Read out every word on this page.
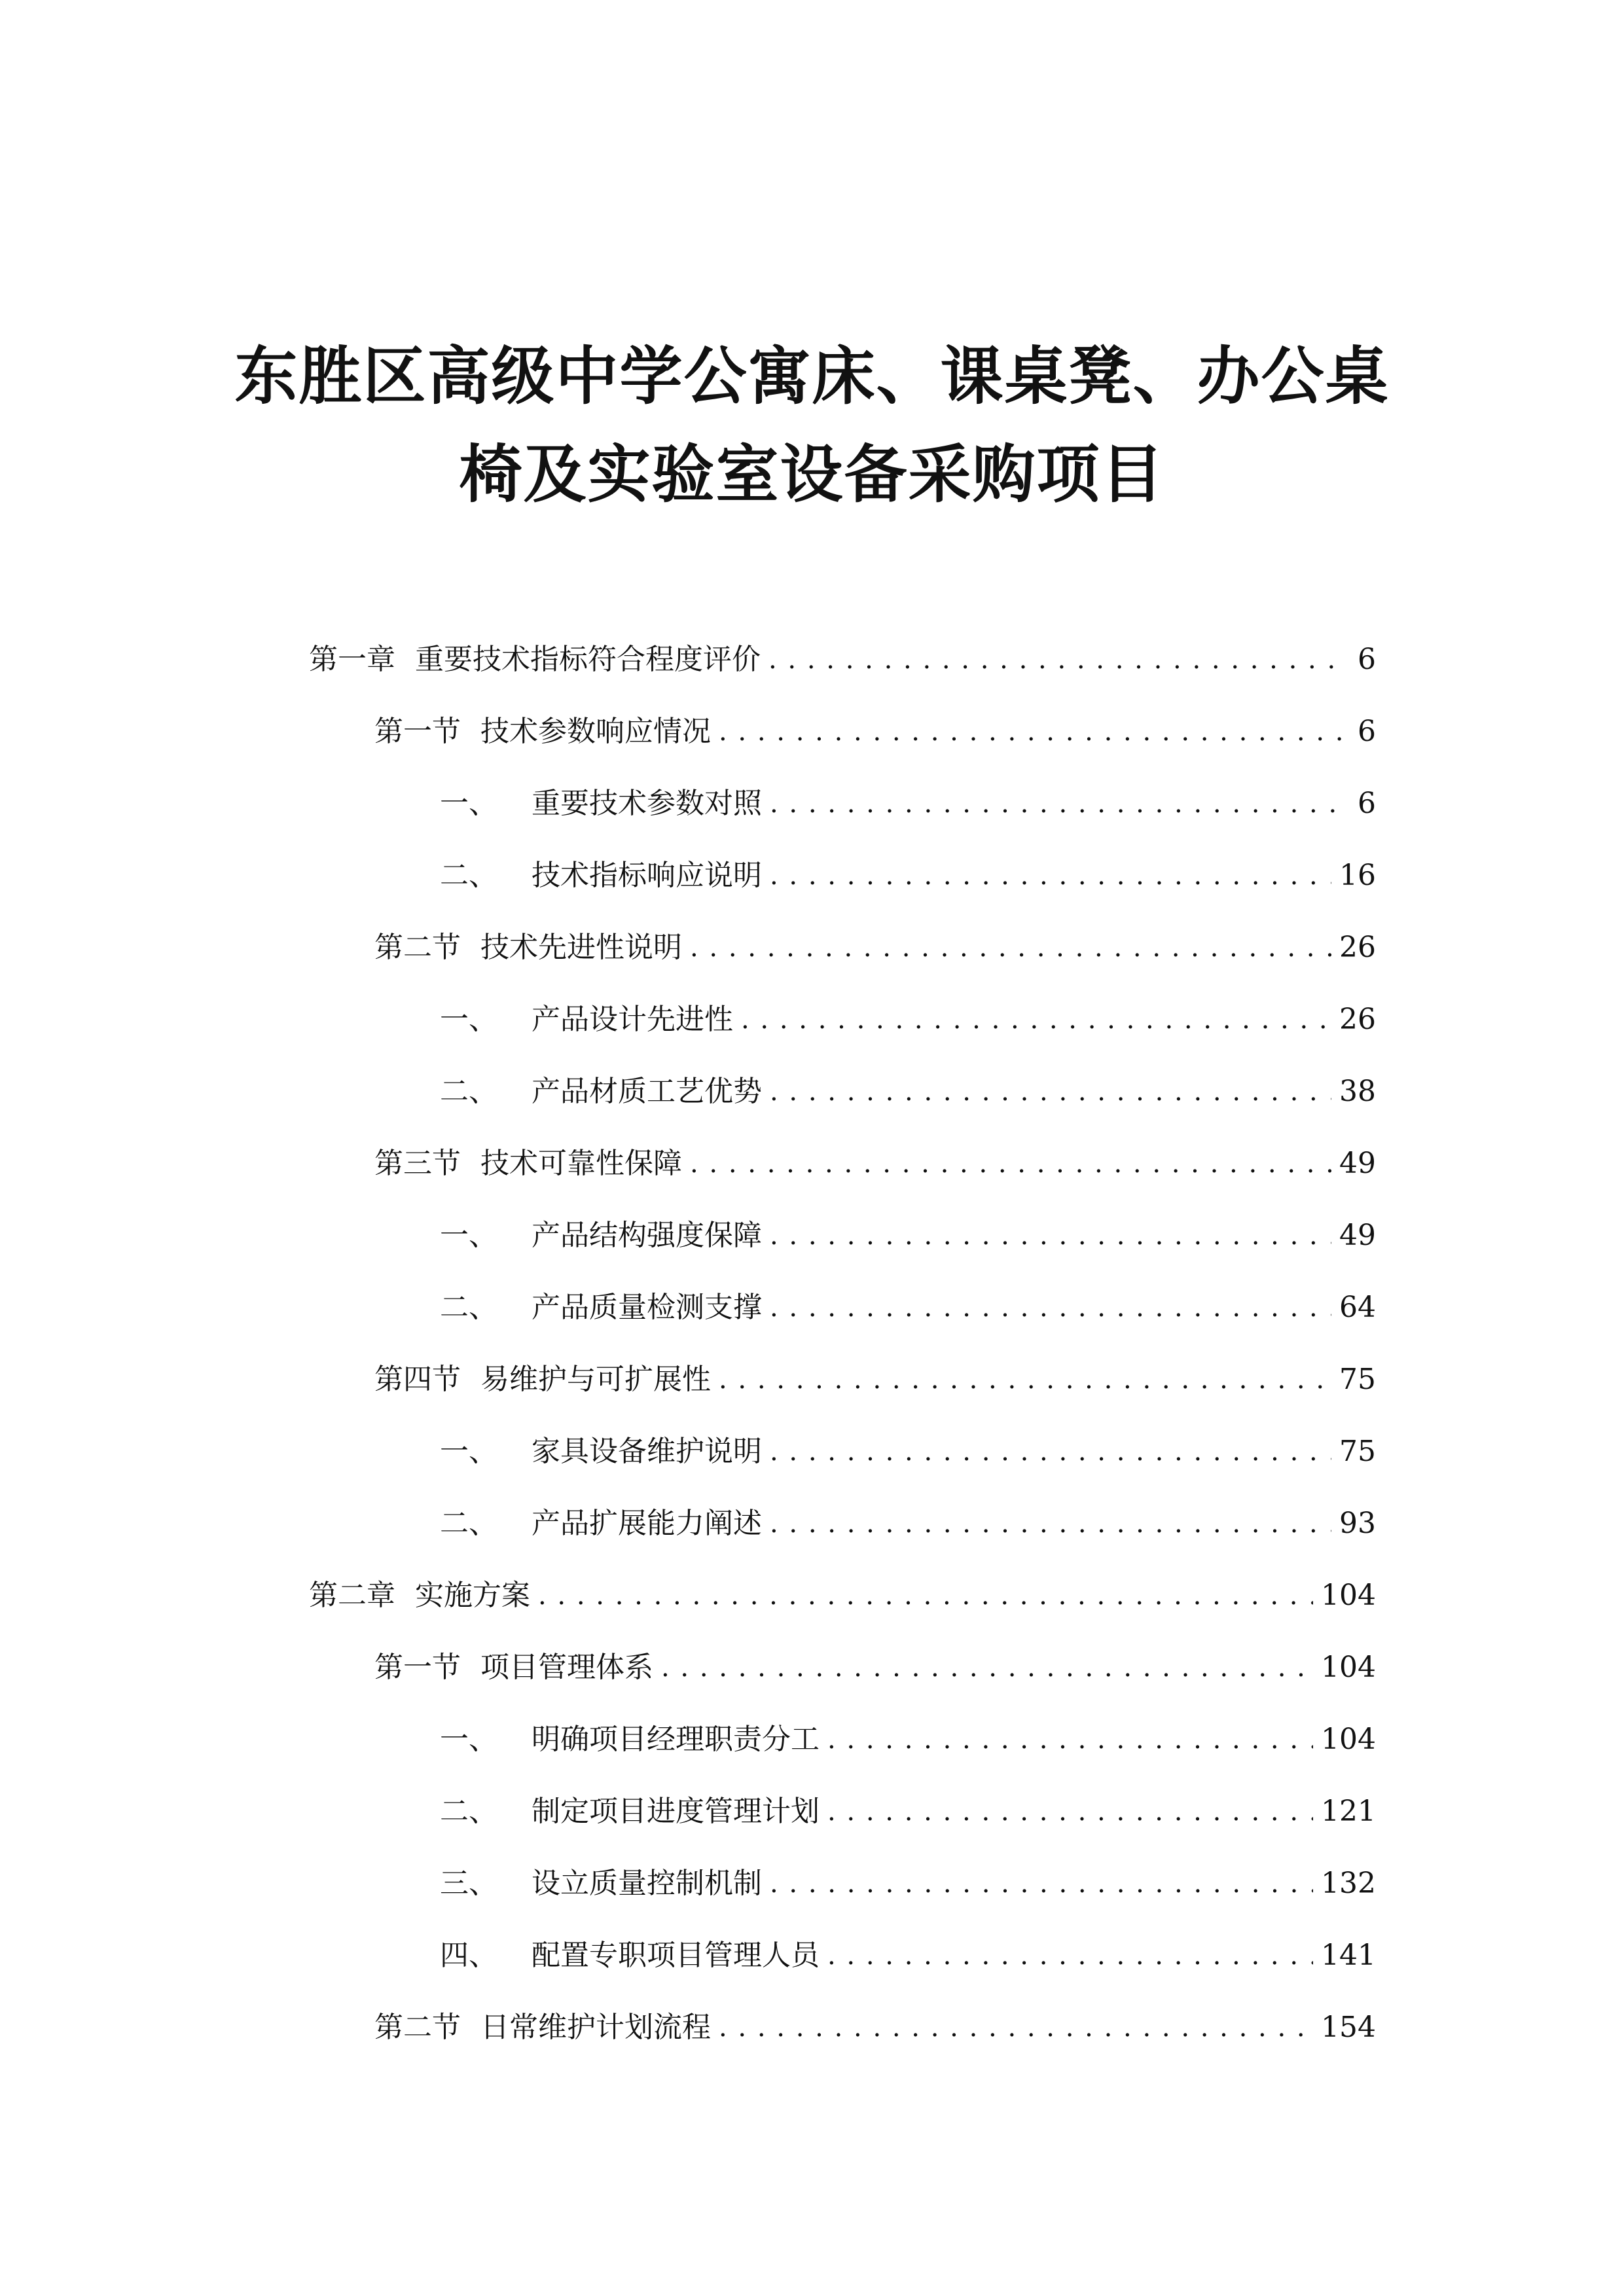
东胜区高级中学公寓床、课桌凳、办公桌
椅及实验室设备采购项目
第一章 重要技术指标符合程度评价 . . .	6
第一节 技术参数响应情况 . . .	6
一、	重要技术参数对照 . . .	6
二、	技术指标响应说明 . . .	16
第二节 技术先进性说明 . . .	26
一、	产品设计先进性 . . .	26
二、	产品材质工艺优势 . . .	38
第三节 技术可靠性保障 . . .	49
一、	产品结构强度保障 . . .	49
二、	产品质量检测支撑 . . .	64
第四节 易维护与可扩展性 . . .	75
一、	家具设备维护说明 . . .	75
二、	产品扩展能力阐述 . . .	93
第二章 实施方案 . . .	104
第一节 项目管理体系 . . .	104
一、	明确项目经理职责分工 . . .	104
二、	制定项目进度管理计划 . . .	121
三、	设立质量控制机制 . . .	132
四、	配置专职项目管理人员 . . .	141
第二节 日常维护计划流程 . . .	154
